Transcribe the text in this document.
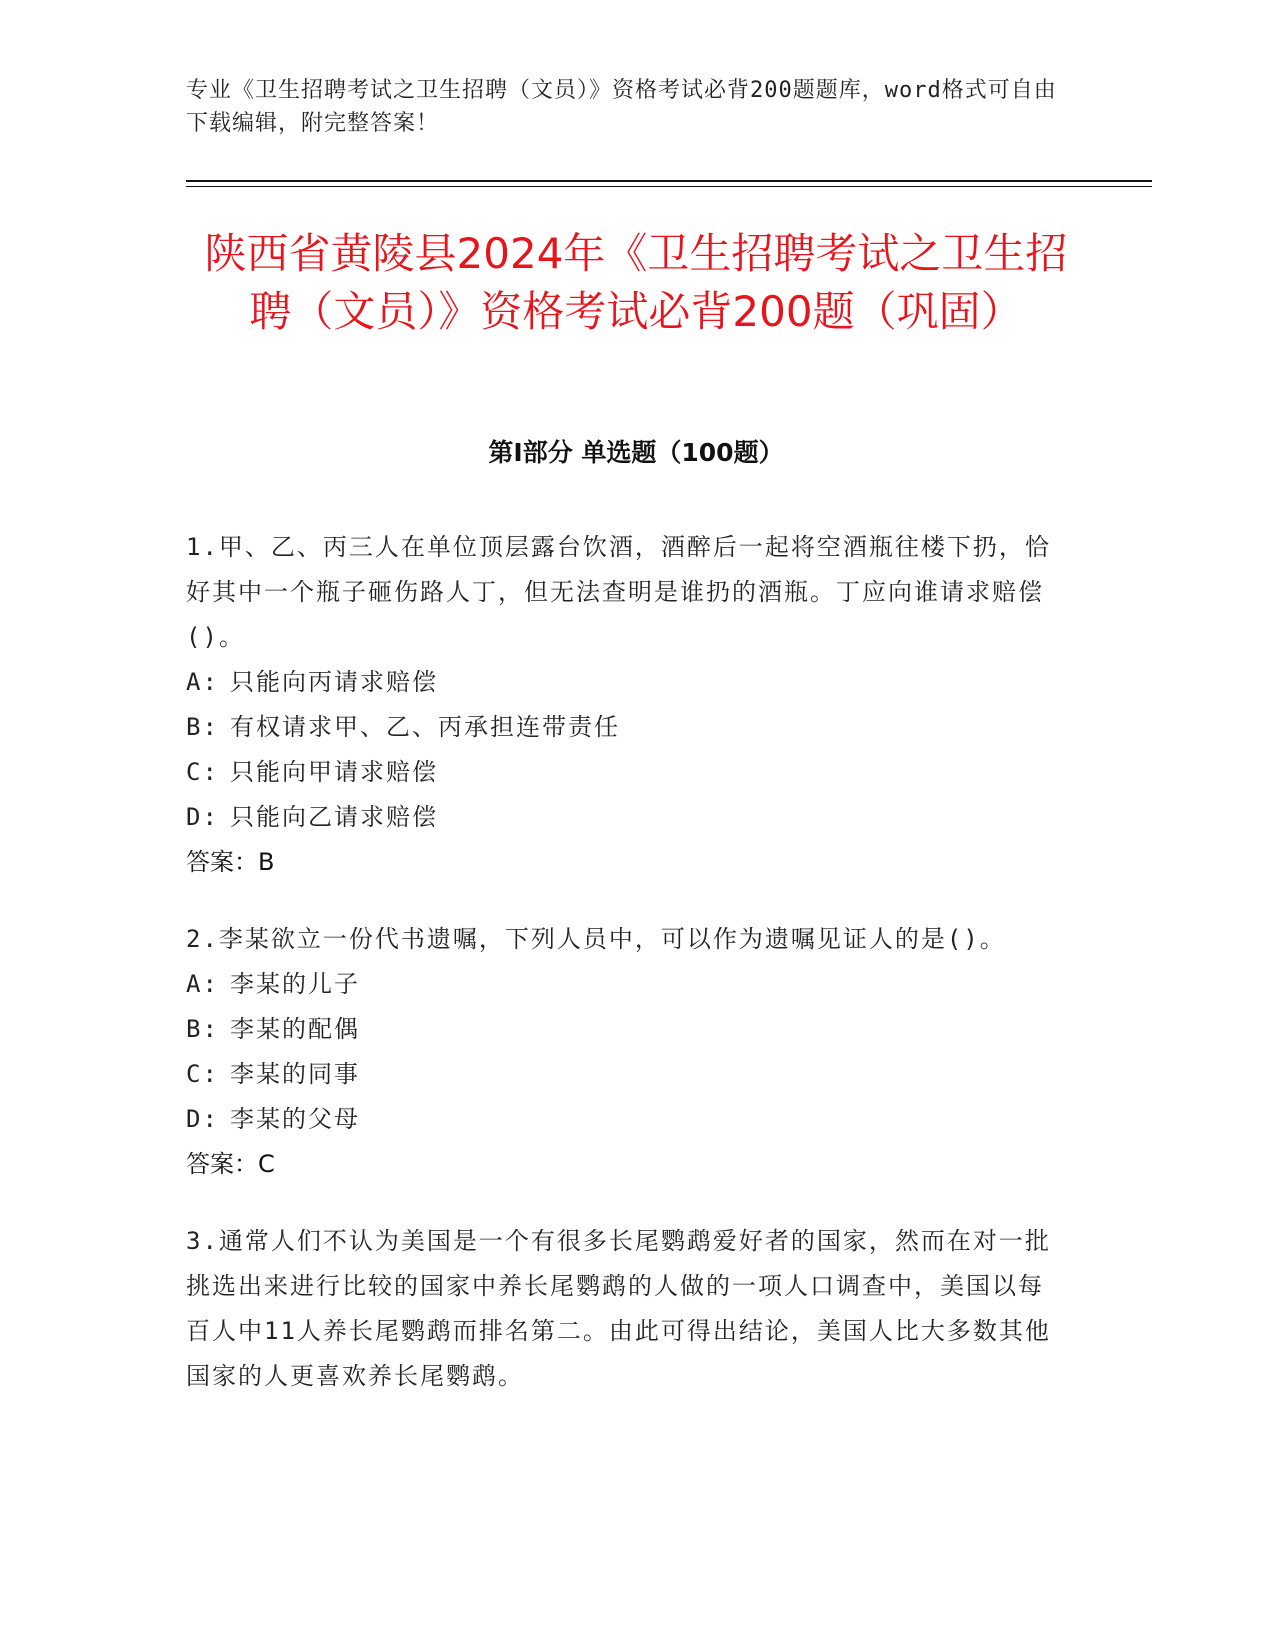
专业《卫生招聘考试之卫生招聘（文员）》资格考试必背200题题库，word格式可自由下载编辑，附完整答案！
陕西省黄陵县2024年《卫生招聘考试之卫生招聘（文员）》资格考试必背200题（巩固）
第I部分 单选题（100题）
1.甲、乙、丙三人在单位顶层露台饮酒，酒醉后一起将空酒瓶往楼下扔，恰好其中一个瓶子砸伤路人丁，但无法查明是谁扔的酒瓶。丁应向谁请求赔偿()。
A: 只能向丙请求赔偿
B: 有权请求甲、乙、丙承担连带责任
C: 只能向甲请求赔偿
D: 只能向乙请求赔偿
答案：B
2.李某欲立一份代书遗嘱，下列人员中，可以作为遗嘱见证人的是()。
A: 李某的儿子
B: 李某的配偶
C: 李某的同事
D: 李某的父母
答案：C
3.通常人们不认为美国是一个有很多长尾鹦鹉爱好者的国家，然而在对一批挑选出来进行比较的国家中养长尾鹦鹉的人做的一项人口调查中，美国以每百人中11人养长尾鹦鹉而排名第二。由此可得出结论，美国人比大多数其他国家的人更喜欢养长尾鹦鹉。
